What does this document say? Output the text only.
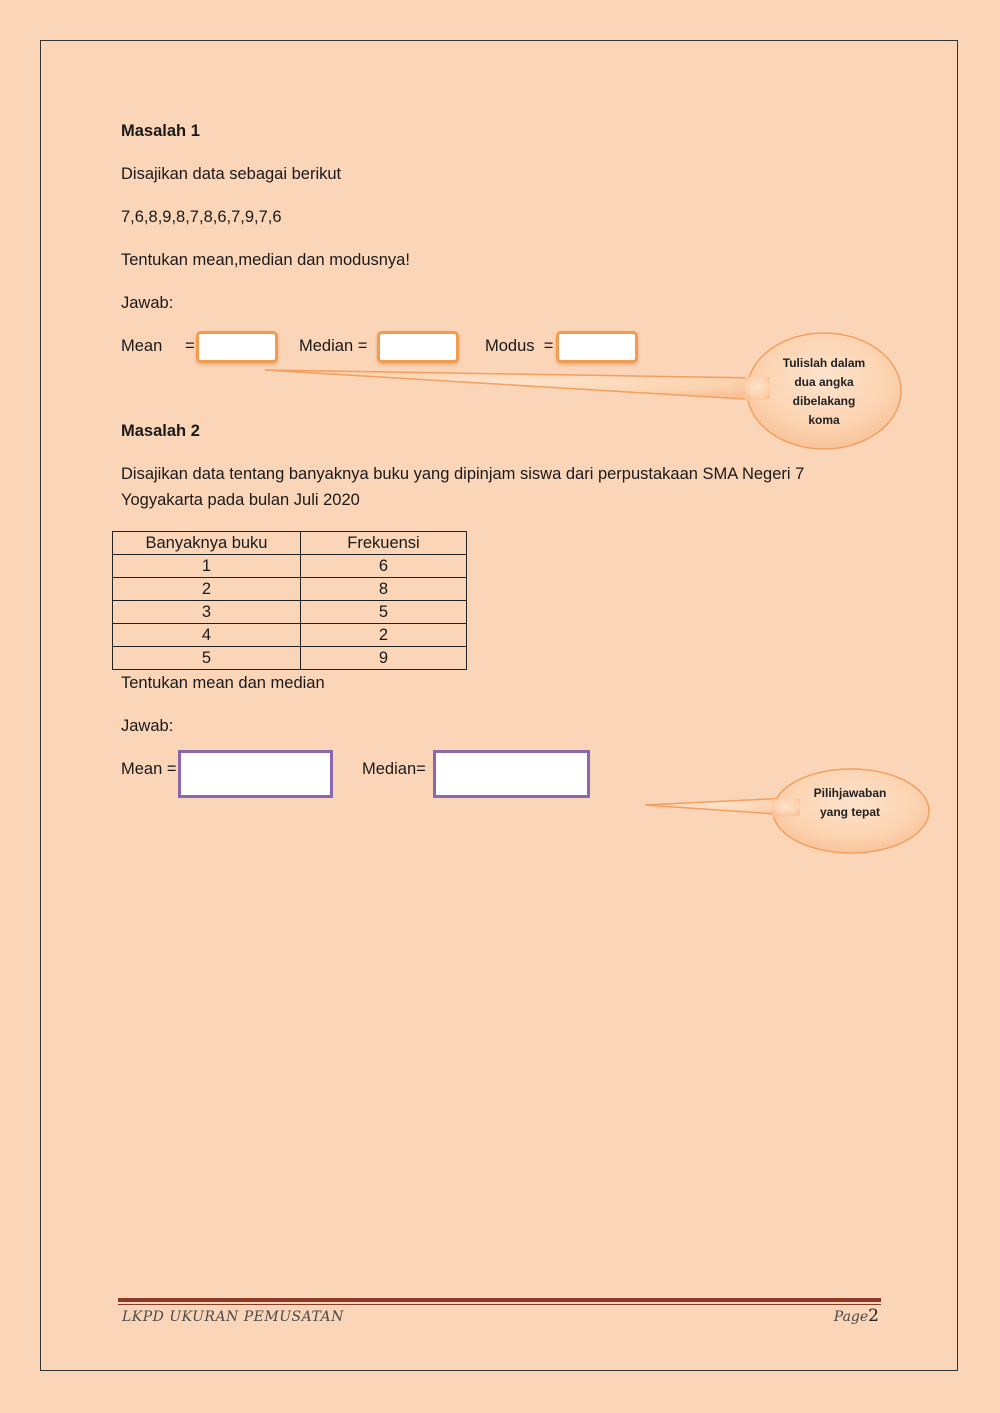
Masalah 1
Disajikan data sebagai berikut
7,6,8,9,8,7,8,6,7,9,7,6
Tentukan mean,median dan modusnya!
Jawab:
Mean =	Median =	Modus  =
Tulislah dalam
dua angka
dibelakang
koma
Masalah 2
Disajikan data tentang banyaknya buku yang dipinjam siswa dari perpustakaan SMA Negeri 7
Yogyakarta pada bulan Juli 2020
Banyaknya buku	Frekuensi
1	6
2	8
3	5
4	2
5	9
Tentukan mean dan median
Jawab:
Mean =	Median=
Pilihjawaban
yang tepat
LKPD UKURAN PEMUSATAN	Page2
